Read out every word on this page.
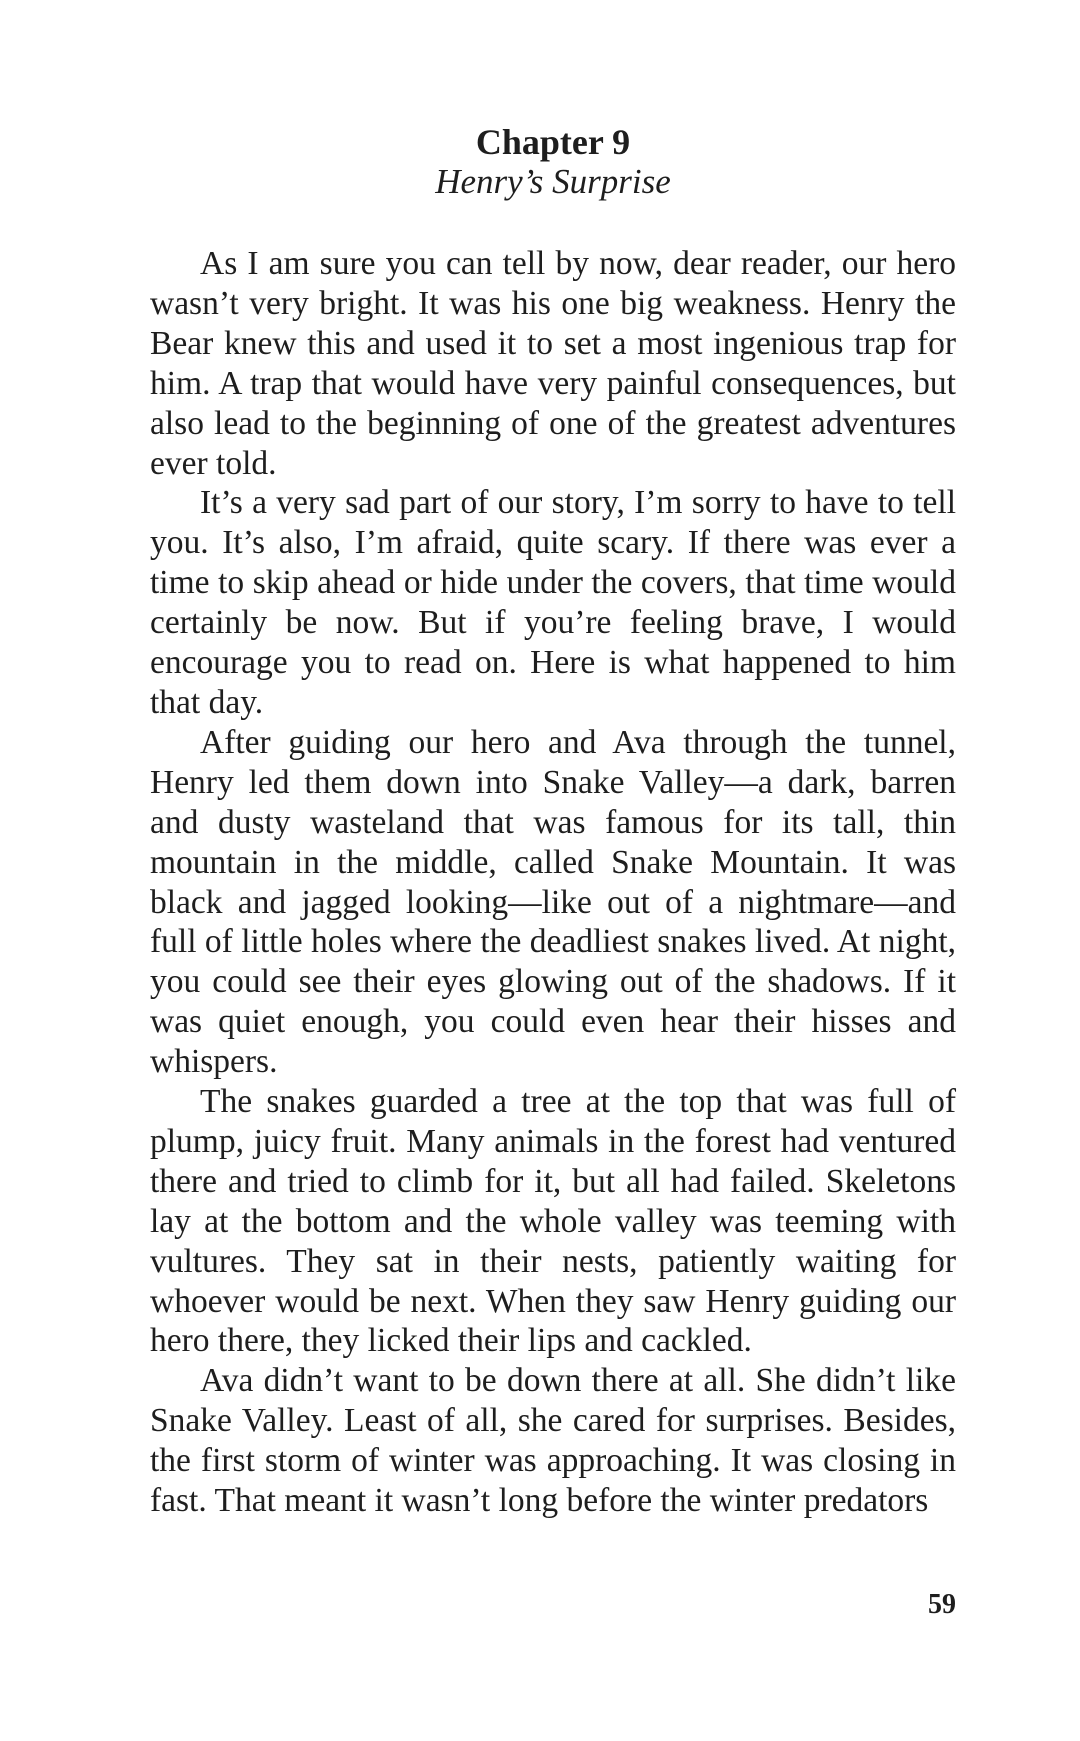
Chapter 9
Henry’s Surprise

As I am sure you can tell by now, dear reader, our hero wasn’t very bright. It was his one big weakness. Henry the Bear knew this and used it to set a most ingenious trap for him. A trap that would have very painful consequences, but also lead to the beginning of one of the greatest adventures ever told.

It’s a very sad part of our story, I’m sorry to have to tell you. It’s also, I’m afraid, quite scary. If there was ever a time to skip ahead or hide under the covers, that time would certainly be now. But if you’re feeling brave, I would encourage you to read on. Here is what happened to him that day.

After guiding our hero and Ava through the tunnel, Henry led them down into Snake Valley—a dark, barren and dusty wasteland that was famous for its tall, thin mountain in the middle, called Snake Mountain. It was black and jagged looking—like out of a nightmare—and full of little holes where the deadliest snakes lived. At night, you could see their eyes glowing out of the shadows. If it was quiet enough, you could even hear their hisses and whispers.

The snakes guarded a tree at the top that was full of plump, juicy fruit. Many animals in the forest had ventured there and tried to climb for it, but all had failed. Skeletons lay at the bottom and the whole valley was teeming with vultures. They sat in their nests, patiently waiting for whoever would be next. When they saw Henry guiding our hero there, they licked their lips and cackled.

Ava didn’t want to be down there at all. She didn’t like Snake Valley. Least of all, she cared for surprises. Besides, the first storm of winter was approaching. It was closing in fast. That meant it wasn’t long before the winter predators

59
